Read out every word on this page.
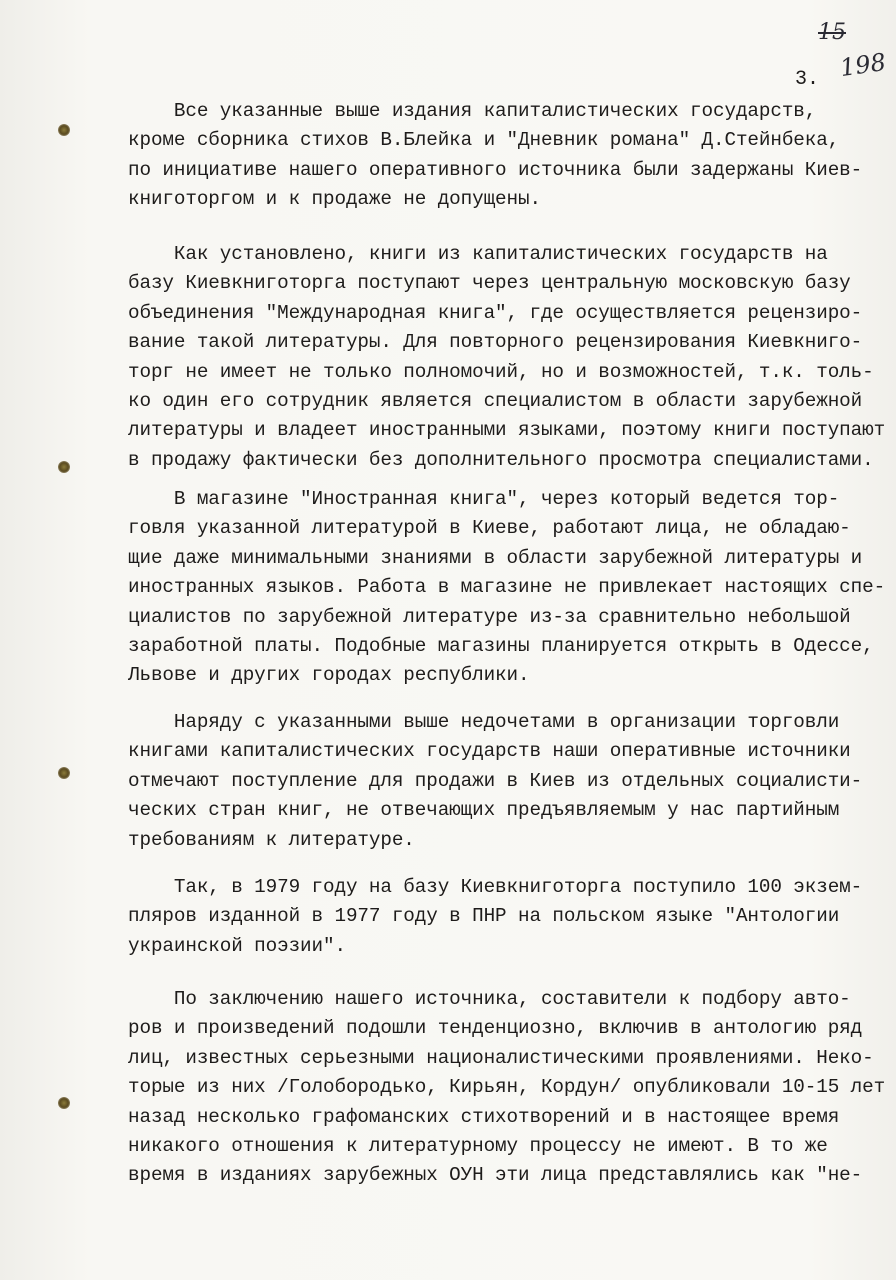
15
198
3.
Все указанные выше издания капиталистических государств,
кроме сборника стихов В.Блейка и "Дневник романа" Д.Стейнбека,
по инициативе нашего оперативного источника были задержаны Киев-
книготоргом и к продаже не допущены.
Как установлено, книги из капиталистических государств на
базу Киевкниготорга поступают через центральную московскую базу
объединения "Международная книга", где осуществляется рецензиро-
вание такой литературы. Для повторного рецензирования Киевкниго-
торг не имеет не только полномочий, но и возможностей, т.к. толь-
ко один его сотрудник является специалистом в области зарубежной
литературы и владеет иностранными языками, поэтому книги поступают
в продажу фактически без дополнительного просмотра специалистами.
В магазине "Иностранная книга", через который ведется тор-
говля указанной литературой в Киеве, работают лица, не обладаю-
щие даже минимальными знаниями в области зарубежной литературы и
иностранных языков. Работа в магазине не привлекает настоящих спе-
циалистов по зарубежной литературе из-за сравнительно небольшой
заработной платы. Подобные магазины планируется открыть в Одессе,
Львове и других городах республики.
Наряду с указанными выше недочетами в организации торговли
книгами капиталистических государств наши оперативные источники
отмечают поступление для продажи в Киев из отдельных социалисти-
ческих стран книг, не отвечающих предъявляемым у нас партийным
требованиям к литературе.
Так, в 1979 году на базу Киевкниготорга поступило 100 экзем-
пляров изданной в 1977 году в ПНР на польском языке "Антологии
украинской поэзии".
По заключению нашего источника, составители к подбору авто-
ров и произведений подошли тенденциозно, включив в антологию ряд
лиц, известных серьезными националистическими проявлениями. Неко-
торые из них /Голобородько, Кирьян, Кордун/ опубликовали 10-15 лет
назад несколько графоманских стихотворений и в настоящее время
никакого отношения к литературному процессу не имеют. В то же
время в изданиях зарубежных ОУН эти лица представлялись как "не-
